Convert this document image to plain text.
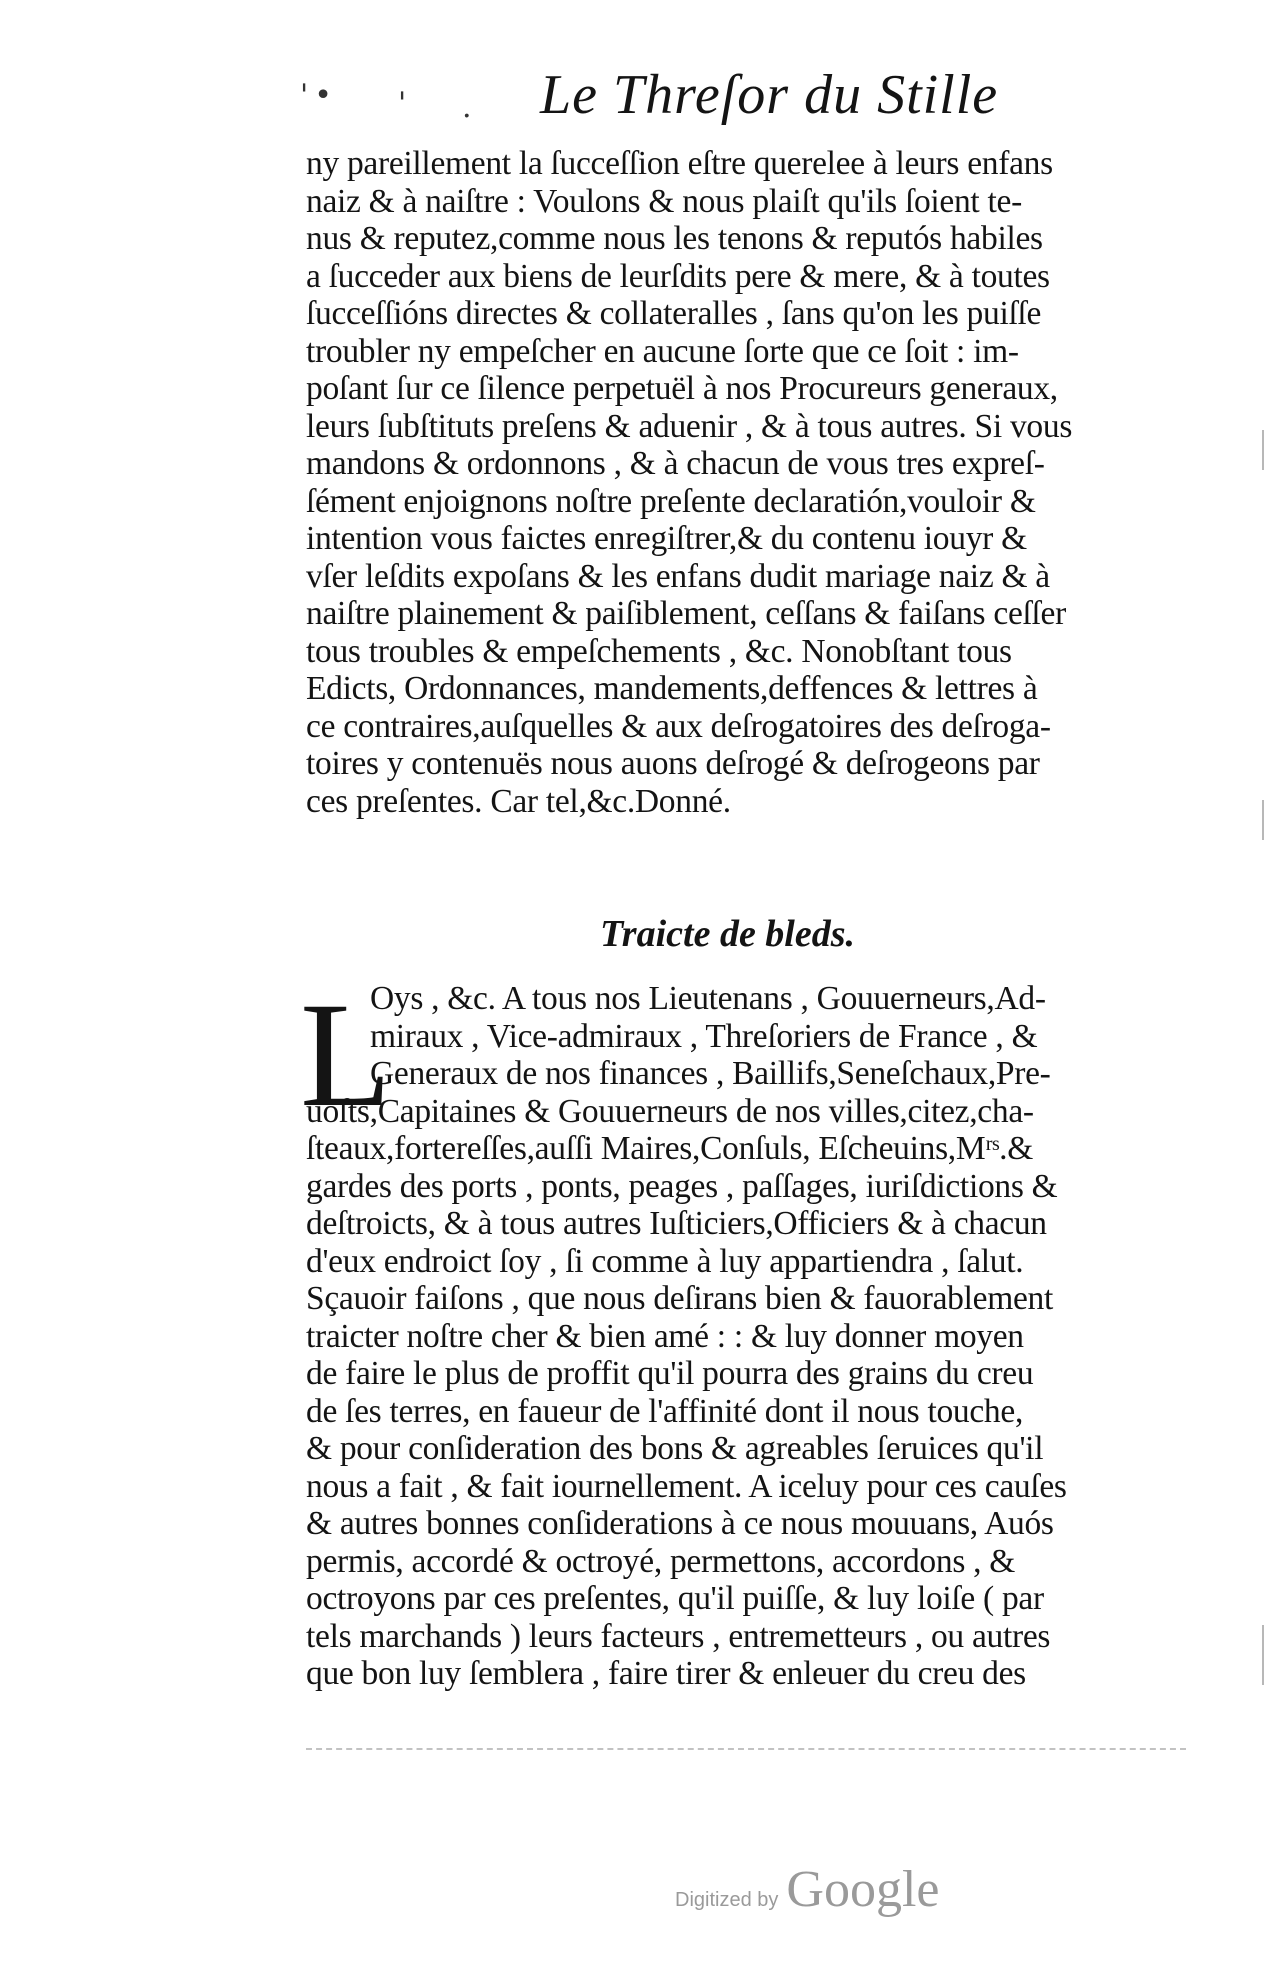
'• ' . Le Threſor du Stille
ny pareillement la ſucceſſion eſtre querelee à leurs enfans
naiz & à naiſtre : Voulons & nous plaiſt qu'ils ſoient te-
nus & reputez,comme nous les tenons & reputós habiles
a ſucceder aux biens de leurſdits pere & mere, & à toutes
ſucceſſións directes & collateralles , ſans qu'on les puiſſe
troubler ny empeſcher en aucune ſorte que ce ſoit : im-
poſant ſur ce ſilence perpetuël à nos Procureurs generaux,
leurs ſubſtituts preſens & aduenir , & à tous autres. Si vous
mandons & ordonnons , & à chacun de vous tres expreſ-
ſément enjoignons noſtre preſente declaratión,vouloir &
intention vous faictes enregiſtrer,& du contenu iouyr &
vſer leſdits expoſans & les enfans dudit mariage naiz & à
naiſtre plainement & paiſiblement, ceſſans & faiſans ceſſer
tous troubles & empeſchements , &c. Nonobſtant tous
Edicts, Ordonnances, mandements,deffences & lettres à
ce contraires,auſquelles & aux deſrogatoires des deſroga-
toires y contenuës nous auons deſrogé & deſrogeons par
ces preſentes. Car tel,&c.Donné.
Traicte de bleds.
L
Oys , &c. A tous nos Lieutenans , Gouuerneurs,Ad-
miraux , Vice-admiraux , Threſoriers de France , &
Generaux de nos finances , Baillifs,Seneſchaux,Pre-
uoſts,Capitaines & Gouuerneurs de nos villes,citez,cha-
ſteaux,fortereſſes,auſſi Maires,Conſuls, Eſcheuins,Mʳˢ.&
gardes des ports , ponts, peages , paſſages, iuriſdictions &
deſtroicts, & à tous autres Iuſticiers,Officiers & à chacun
d'eux endroict ſoy , ſi comme à luy appartiendra , ſalut.
Sçauoir faiſons , que nous deſirans bien & fauorablement
traicter noſtre cher & bien amé : : & luy donner moyen
de faire le plus de proffit qu'il pourra des grains du creu
de ſes terres, en faueur de l'affinité dont il nous touche,
& pour conſideration des bons & agreables ſeruices qu'il
nous a fait , & fait iournellement. A iceluy pour ces cauſes
& autres bonnes conſiderations à ce nous mouuans, Auós
permis, accordé & octroyé, permettons, accordons , &
octroyons par ces preſentes, qu'il puiſſe, & luy loiſe ( par
tels marchands ) leurs facteurs , entremetteurs , ou autres
que bon luy ſemblera , faire tirer & enleuer du creu des
Digitized by Google
